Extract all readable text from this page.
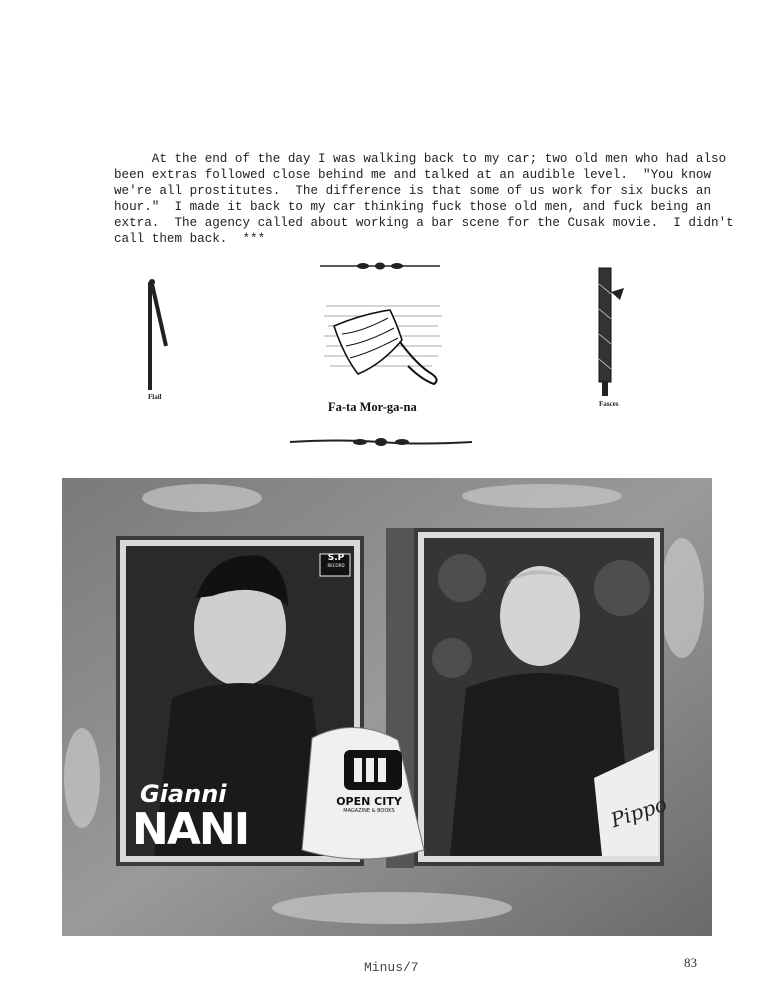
At the end of the day I was walking back to my car; two old men who had also
been extras followed close behind me and talked at an audible level.  "You know
we're all prostitutes.  The difference is that some of us work for six bucks an
hour."  I made it back to my car thinking fuck those old men, and fuck being an
extra.  The agency called about working a bar scene for the Cusak movie.  I didn't
call them back.  ***
Flail
Fa-ta Mor-ga-na	Fasces
S.P
RECORD
Gianni
NANI
OPEN CITY
MAGAZINE & BOOKS	Pippo
Minus/7	83
